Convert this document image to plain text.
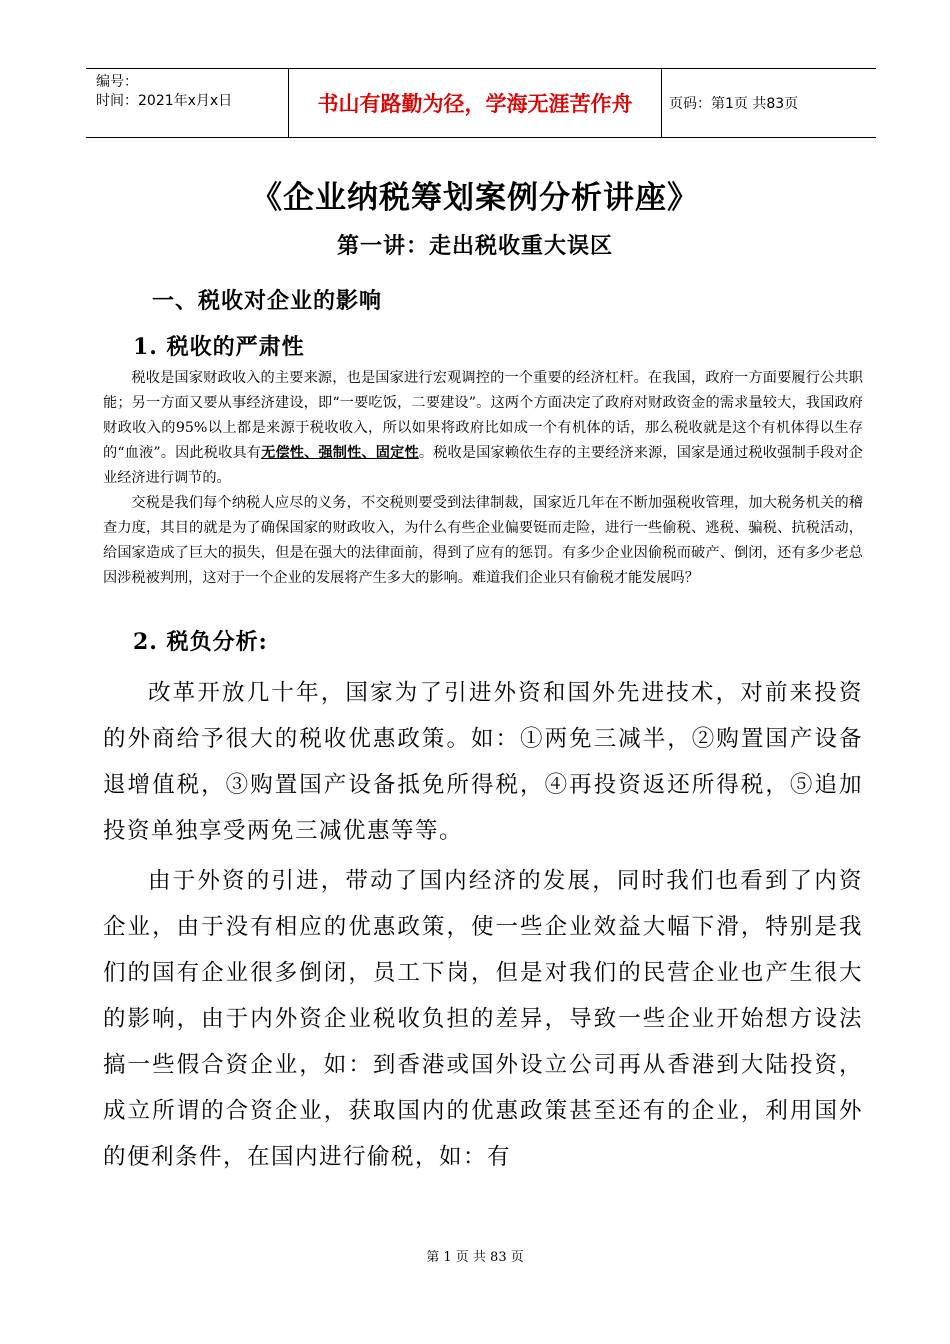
编号：
时间：2021年x月x日	书山有路勤为径，学海无涯苦作舟	页码：第1页 共83页
《企业纳税筹划案例分析讲座》
第一讲：走出税收重大误区
一、税收对企业的影响
1. 税收的严肃性

税收是国家财政收入的主要来源，也是国家进行宏观调控的一个重要的经济杠杆。在我国，政府一方面要履行公共职能；另一方面又要从事经济建设，即“一要吃饭，二要建设”。这两个方面决定了政府对财政资金的需求量较大，我国政府财政收入的95%以上都是来源于税收收入，所以如果将政府比如成一个有机体的话，那么税收就是这个有机体得以生存的“血液”。因此税收具有无偿性、强制性、固定性。税收是国家赖依生存的主要经济来源，国家是通过税收强制手段对企业经济进行调节的。

交税是我们每个纳税人应尽的义务，不交税则要受到法律制裁，国家近几年在不断加强税收管理，加大税务机关的稽查力度，其目的就是为了确保国家的财政收入，为什么有些企业偏要铤而走险，进行一些偷税、逃税、骗税、抗税活动，给国家造成了巨大的损失，但是在强大的法律面前，得到了应有的惩罚。有多少企业因偷税而破产、倒闭，还有多少老总因涉税被判刑，这对于一个企业的发展将产生多大的影响。难道我们企业只有偷税才能发展吗？

2. 税负分析:

改革开放几十年，国家为了引进外资和国外先进技术，对前来投资的外商给予很大的税收优惠政策。如：①两免三减半，②购置国产设备退增值税，③购置国产设备抵免所得税，④再投资返还所得税，⑤追加投资单独享受两免三减优惠等等。

由于外资的引进，带动了国内经济的发展，同时我们也看到了内资企业，由于没有相应的优惠政策，使一些企业效益大幅下滑，特别是我们的国有企业很多倒闭，员工下岗，但是对我们的民营企业也产生很大的影响，由于内外资企业税收负担的差异，导致一些企业开始想方设法搞一些假合资企业，如：到香港或国外设立公司再从香港到大陆投资，成立所谓的合资企业，获取国内的优惠政策甚至还有的企业，利用国外的便利条件，在国内进行偷税，如：有

第 1 页 共 83 页
